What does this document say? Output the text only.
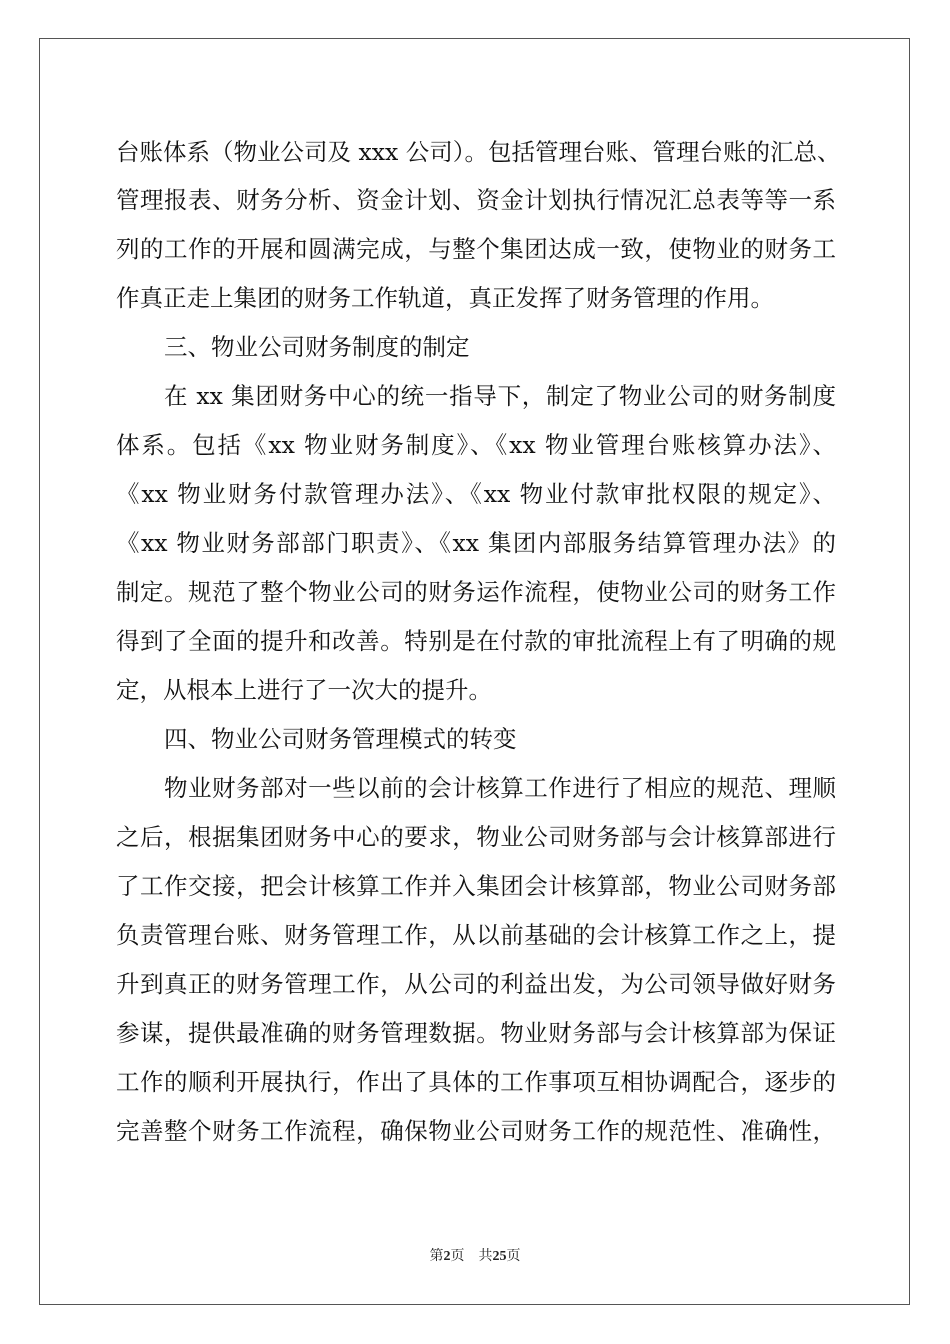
台账体系（物业公司及 xxx 公司）。包括管理台账、管理台账的汇总、
管理报表、财务分析、资金计划、资金计划执行情况汇总表等等一系
列的工作的开展和圆满完成，与整个集团达成一致，使物业的财务工
作真正走上集团的财务工作轨道，真正发挥了财务管理的作用。
三、物业公司财务制度的制定
在 xx 集团财务中心的统一指导下，制定了物业公司的财务制度
体系。包括《xx 物业财务制度》、《xx 物业管理台账核算办法》、
《xx 物业财务付款管理办法》、《xx 物业付款审批权限的规定》、
《xx 物业财务部部门职责》、《xx 集团内部服务结算管理办法》的
制定。规范了整个物业公司的财务运作流程，使物业公司的财务工作
得到了全面的提升和改善。特别是在付款的审批流程上有了明确的规
定，从根本上进行了一次大的提升。
四、物业公司财务管理模式的转变
物业财务部对一些以前的会计核算工作进行了相应的规范、理顺
之后，根据集团财务中心的要求，物业公司财务部与会计核算部进行
了工作交接，把会计核算工作并入集团会计核算部，物业公司财务部
负责管理台账、财务管理工作，从以前基础的会计核算工作之上，提
升到真正的财务管理工作，从公司的利益出发，为公司领导做好财务
参谋，提供最准确的财务管理数据。物业财务部与会计核算部为保证
工作的顺利开展执行，作出了具体的工作事项互相协调配合，逐步的
完善整个财务工作流程，确保物业公司财务工作的规范性、准确性，
第2页　共25页
